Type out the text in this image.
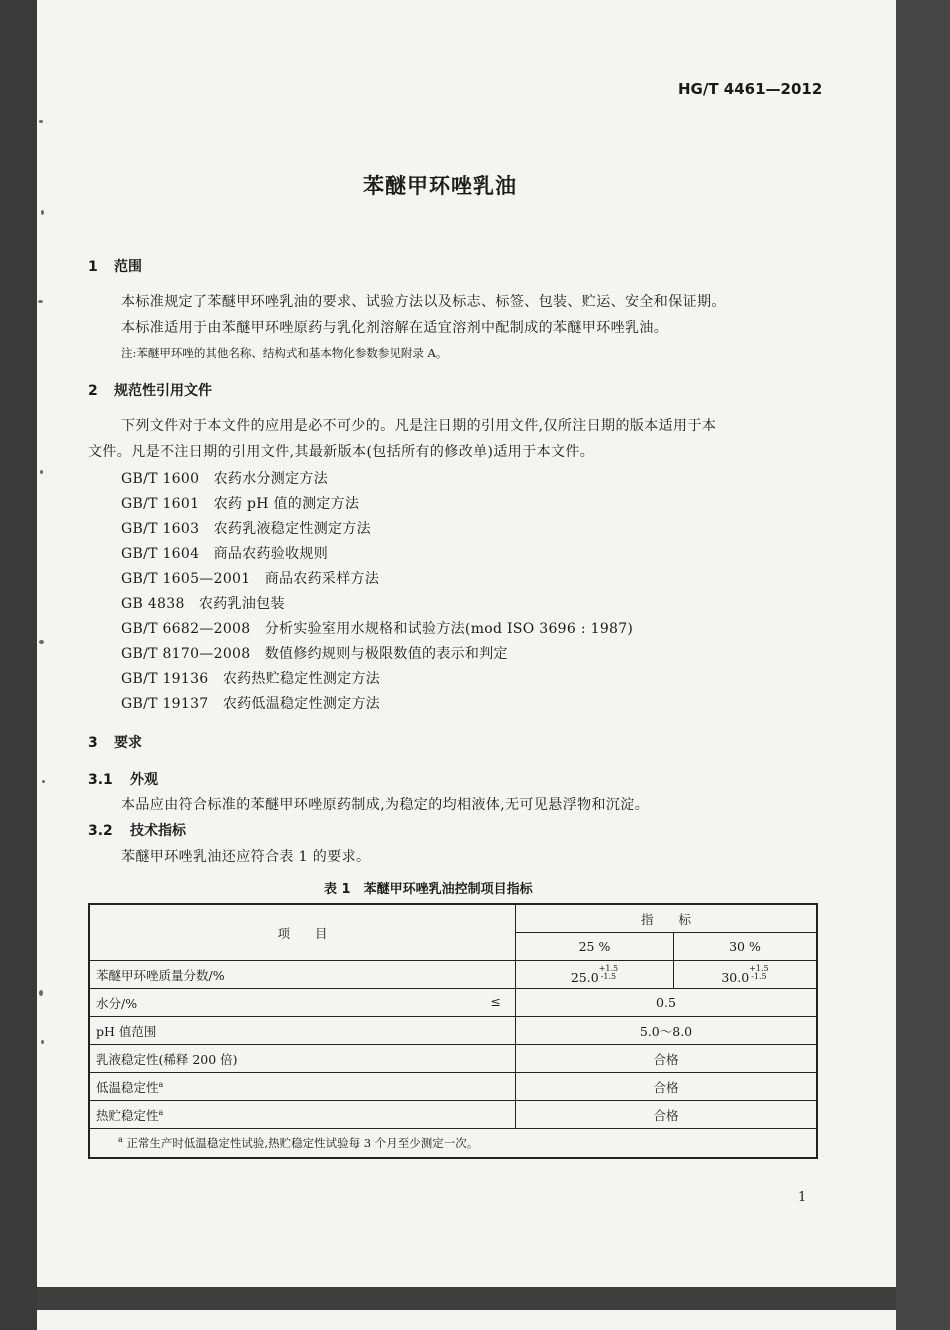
HG/T 4461—2012
苯醚甲环唑乳油
1 范围
本标准规定了苯醚甲环唑乳油的要求、试验方法以及标志、标签、包装、贮运、安全和保证期。
本标准适用于由苯醚甲环唑原药与乳化剂溶解在适宜溶剂中配制成的苯醚甲环唑乳油。
注:苯醚甲环唑的其他名称、结构式和基本物化参数参见附录 A。
2 规范性引用文件
下列文件对于本文件的应用是必不可少的。凡是注日期的引用文件,仅所注日期的版本适用于本
文件。凡是不注日期的引用文件,其最新版本(包括所有的修改单)适用于本文件。
GB/T 1600　农药水分测定方法
GB/T 1601　农药 pH 值的测定方法
GB/T 1603　农药乳液稳定性测定方法
GB/T 1604　商品农药验收规则
GB/T 1605—2001　商品农药采样方法
GB 4838　农药乳油包装
GB/T 6682—2008　分析实验室用水规格和试验方法(mod ISO 3696 : 1987)
GB/T 8170—2008　数值修约规则与极限数值的表示和判定
GB/T 19136　农药热贮稳定性测定方法
GB/T 19137　农药低温稳定性测定方法
3 要求
3.1 外观
本品应由符合标准的苯醚甲环唑原药制成,为稳定的均相液体,无可见悬浮物和沉淀。
3.2 技术指标
苯醚甲环唑乳油还应符合表 1 的要求。
表 1　苯醚甲环唑乳油控制项目指标
项　　目	指　　标	
	25 %	30 %
苯醚甲环唑质量分数/%	$25.0^{+1.5 -1.5}$	$30.0^{+1.5 -1.5}$
水分/% ≤	0.5	
pH 值范围	5.0～8.0	
乳液稳定性(稀释 200 倍)	合格	
低温稳定性$^a$	合格	
热贮稳定性$^a$	合格	
$^a$ 正常生产时低温稳定性试验,热贮稳定性试验每 3 个月至少测定一次。		
1
